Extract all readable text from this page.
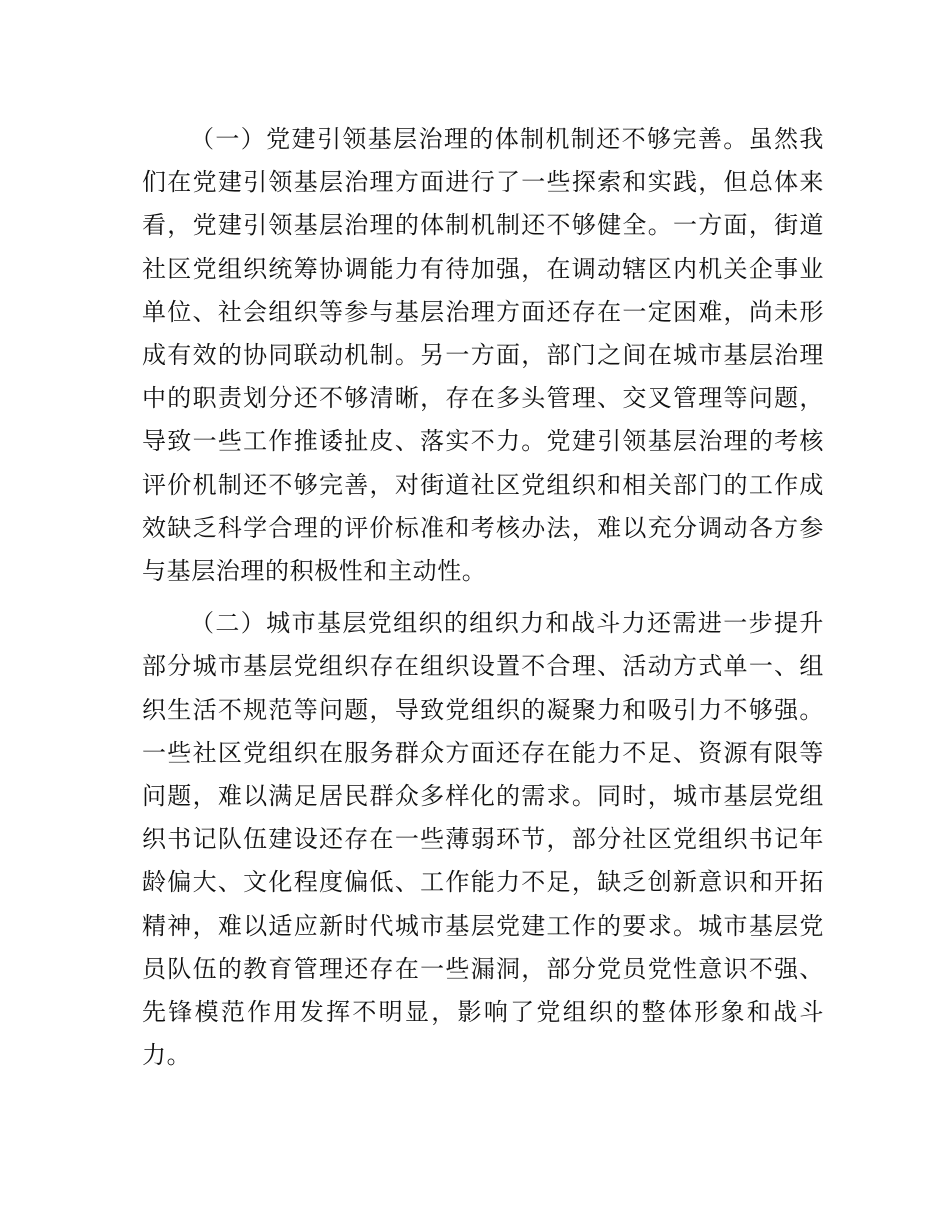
（一）党建引领基层治理的体制机制还不够完善。虽然我们在党建引领基层治理方面进行了一些探索和实践，但总体来看，党建引领基层治理的体制机制还不够健全。一方面，街道社区党组织统筹协调能力有待加强，在调动辖区内机关企事业单位、社会组织等参与基层治理方面还存在一定困难，尚未形成有效的协同联动机制。另一方面，部门之间在城市基层治理中的职责划分还不够清晰，存在多头管理、交叉管理等问题，导致一些工作推诿扯皮、落实不力。党建引领基层治理的考核评价机制还不够完善，对街道社区党组织和相关部门的工作成效缺乏科学合理的评价标准和考核办法，难以充分调动各方参与基层治理的积极性和主动性。

（二）城市基层党组织的组织力和战斗力还需进一步提升部分城市基层党组织存在组织设置不合理、活动方式单一、组织生活不规范等问题，导致党组织的凝聚力和吸引力不够强。一些社区党组织在服务群众方面还存在能力不足、资源有限等问题，难以满足居民群众多样化的需求。同时，城市基层党组织书记队伍建设还存在一些薄弱环节，部分社区党组织书记年龄偏大、文化程度偏低、工作能力不足，缺乏创新意识和开拓精神，难以适应新时代城市基层党建工作的要求。城市基层党员队伍的教育管理还存在一些漏洞，部分党员党性意识不强、先锋模范作用发挥不明显，影响了党组织的整体形象和战斗力。
